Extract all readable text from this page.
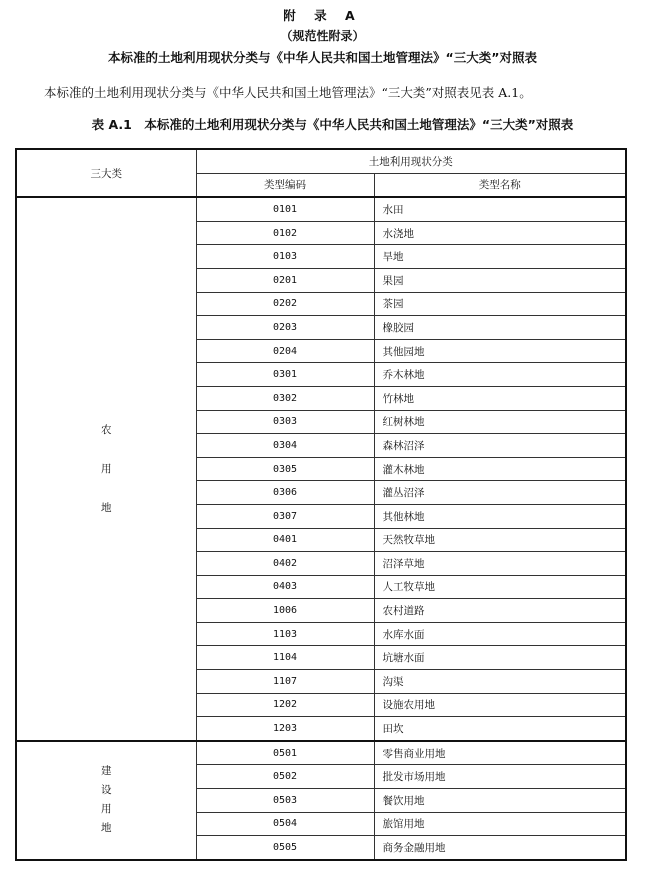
附 录 A
（规范性附录）
本标准的土地利用现状分类与《中华人民共和国土地管理法》“三大类”对照表
本标准的土地利用现状分类与《中华人民共和国土地管理法》“三大类”对照表见表 A.1。
表 A.1　本标准的土地利用现状分类与《中华人民共和国土地管理法》“三大类”对照表
三大类	土地利用现状分类	
	类型编码	类型名称

农
用
地	0101	水田
	0102	水浇地
	0103	旱地
	0201	果园
	0202	茶园
	0203	橡胶园
	0204	其他园地
	0301	乔木林地
	0302	竹林地
	0303	红树林地
	0304	森林沼泽
	0305	灌木林地
	0306	灌丛沼泽
	0307	其他林地
	0401	天然牧草地
	0402	沼泽草地
	0403	人工牧草地
	1006	农村道路
	1103	水库水面
	1104	坑塘水面
	1107	沟渠
	1202	设施农用地
	1203	田坎

建
设
用
地	0501	零售商业用地
	0502	批发市场用地
	0503	餐饮用地
	0504	旅馆用地
	0505	商务金融用地
